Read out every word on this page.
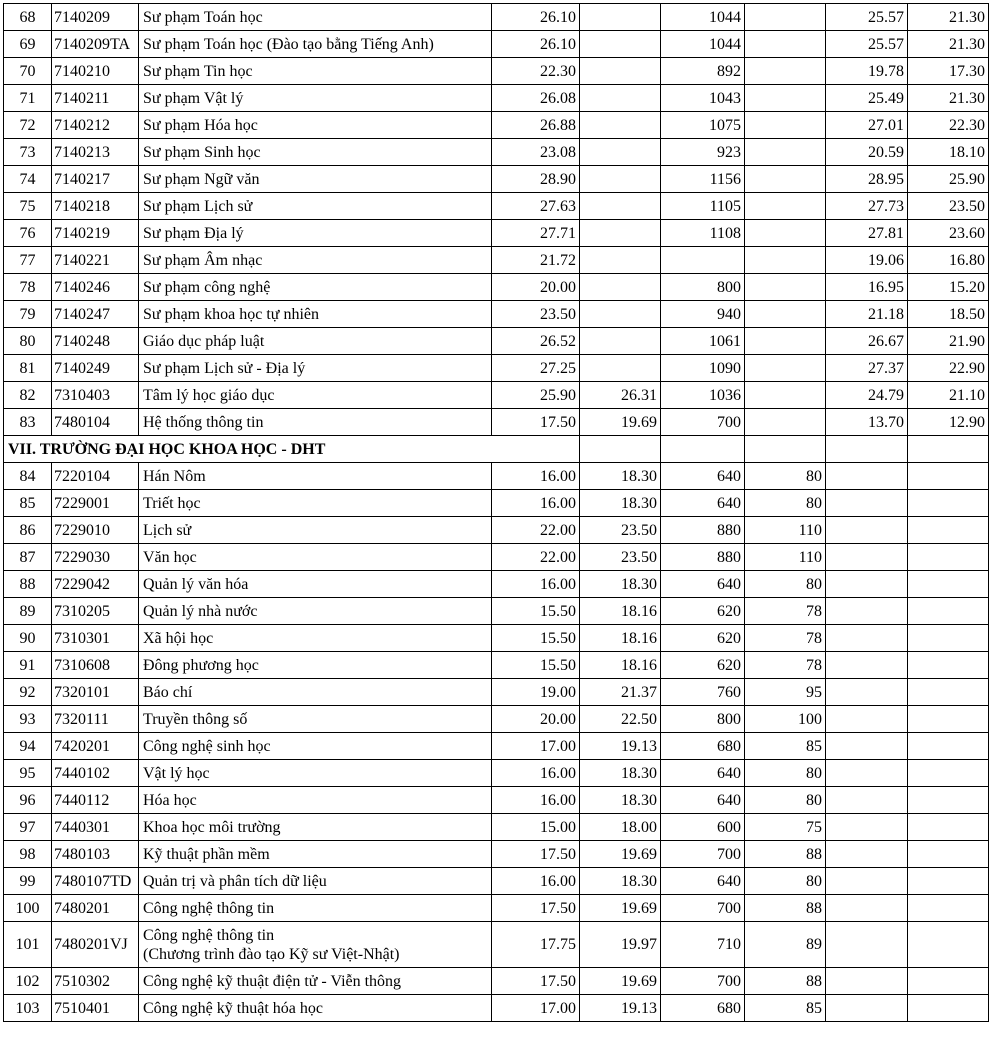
68	7140209	Sư phạm Toán học	26.10		1044		25.57	21.30
69	7140209TA	Sư phạm Toán học (Đào tạo bằng Tiếng Anh)	26.10		1044		25.57	21.30
70	7140210	Sư phạm Tin học	22.30		892		19.78	17.30
71	7140211	Sư phạm Vật lý	26.08		1043		25.49	21.30
72	7140212	Sư phạm Hóa học	26.88		1075		27.01	22.30
73	7140213	Sư phạm Sinh học	23.08		923		20.59	18.10
74	7140217	Sư phạm Ngữ văn	28.90		1156		28.95	25.90
75	7140218	Sư phạm Lịch sử	27.63		1105		27.73	23.50
76	7140219	Sư phạm Địa lý	27.71		1108		27.81	23.60
77	7140221	Sư phạm Âm nhạc	21.72				19.06	16.80
78	7140246	Sư phạm công nghệ	20.00		800		16.95	15.20
79	7140247	Sư phạm khoa học tự nhiên	23.50		940		21.18	18.50
80	7140248	Giáo dục pháp luật	26.52		1061		26.67	21.90
81	7140249	Sư phạm Lịch sử - Địa lý	27.25		1090		27.37	22.90
82	7310403	Tâm lý học giáo dục	25.90	26.31	1036		24.79	21.10
83	7480104	Hệ thống thông tin	17.50	19.69	700		13.70	12.90
VII. TRƯỜNG ĐẠI HỌC KHOA HỌC - DHT								
84	7220104	Hán Nôm	16.00	18.30	640	80		
85	7229001	Triết học	16.00	18.30	640	80		
86	7229010	Lịch sử	22.00	23.50	880	110		
87	7229030	Văn học	22.00	23.50	880	110		
88	7229042	Quản lý văn hóa	16.00	18.30	640	80		
89	7310205	Quản lý nhà nước	15.50	18.16	620	78		
90	7310301	Xã hội học	15.50	18.16	620	78		
91	7310608	Đông phương học	15.50	18.16	620	78		
92	7320101	Báo chí	19.00	21.37	760	95		
93	7320111	Truyền thông số	20.00	22.50	800	100		
94	7420201	Công nghệ sinh học	17.00	19.13	680	85		
95	7440102	Vật lý học	16.00	18.30	640	80		
96	7440112	Hóa học	16.00	18.30	640	80		
97	7440301	Khoa học môi trường	15.00	18.00	600	75		
98	7480103	Kỹ thuật phần mềm	17.50	19.69	700	88		
99	7480107TD	Quản trị và phân tích dữ liệu	16.00	18.30	640	80		
100	7480201	Công nghệ thông tin	17.50	19.69	700	88		
101	7480201VJ	Công nghệ thông tin
(Chương trình đào tạo Kỹ sư Việt-Nhật)	17.75	19.97	710	89		
102	7510302	Công nghệ kỹ thuật điện tử - Viễn thông	17.50	19.69	700	88		
103	7510401	Công nghệ kỹ thuật hóa học	17.00	19.13	680	85		
